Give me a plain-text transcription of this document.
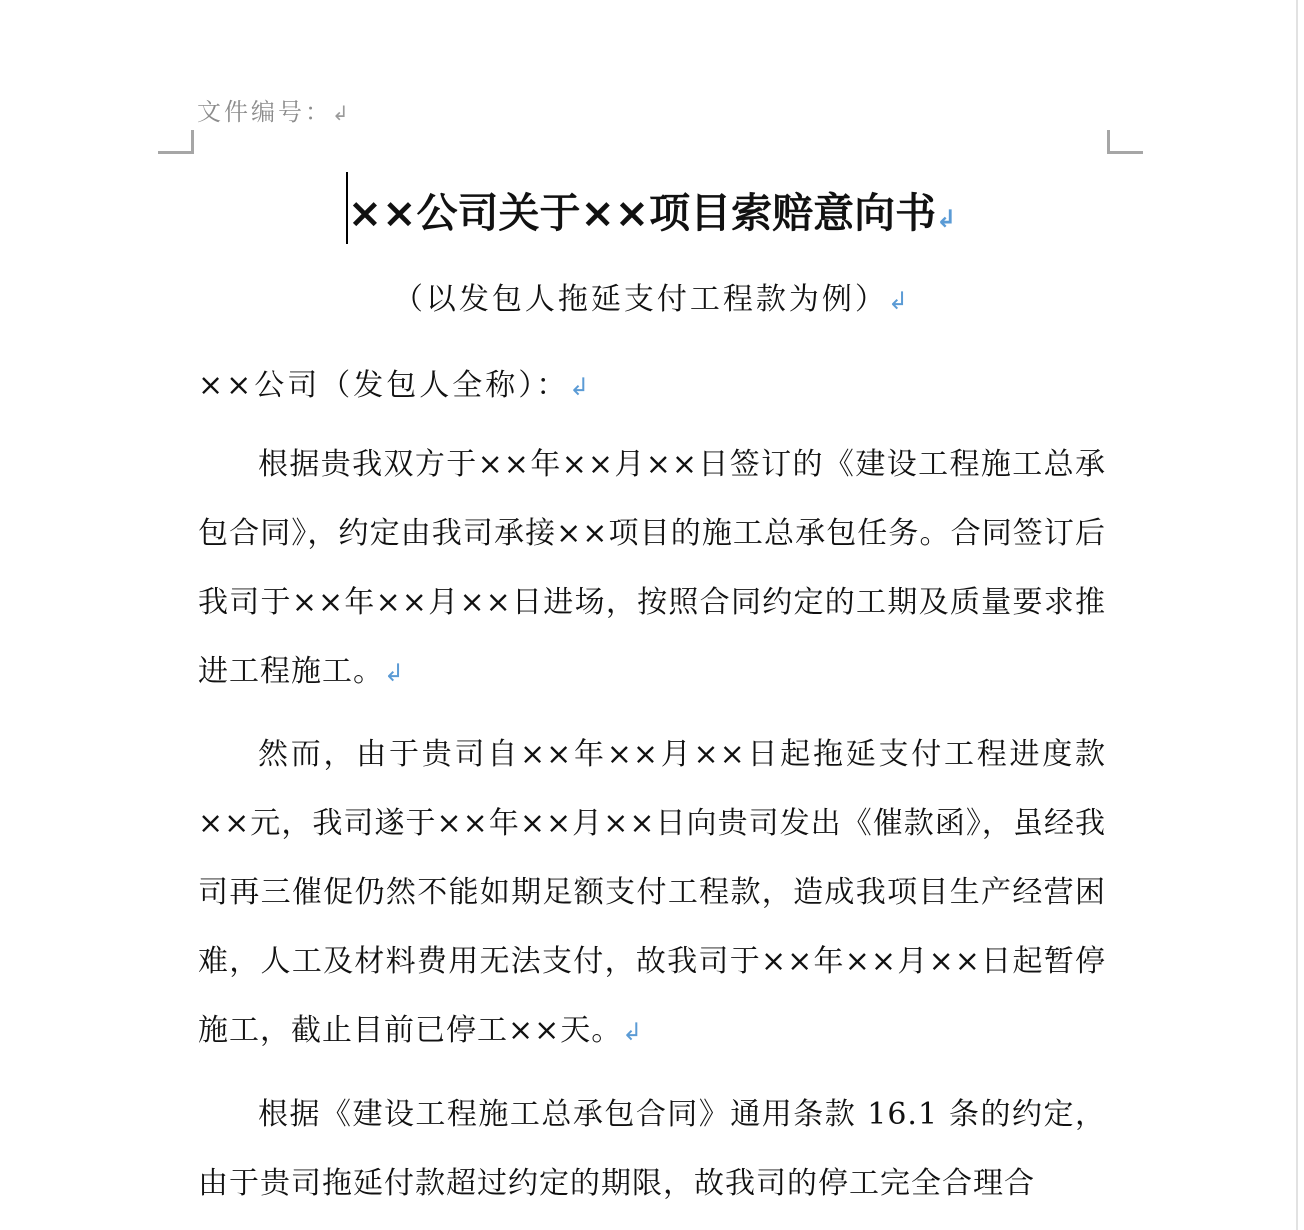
文件编号：↲
××公司关于××项目索赔意向书↲
（以发包人拖延支付工程款为例）↲
××公司（发包人全称）：↲
根据贵我双方于××年××月××日签订的《建设工程施工总承包合同》，约定由我司承接××项目的施工总承包任务。合同签订后我司于××年××月××日进场，按照合同约定的工期及质量要求推进工程施工。↲
然而，由于贵司自××年××月××日起拖延支付工程进度款××元，我司遂于××年××月××日向贵司发出《催款函》，虽经我司再三催促仍然不能如期足额支付工程款，造成我项目生产经营困难，人工及材料费用无法支付，故我司于××年××月××日起暂停施工，截止目前已停工××天。↲
根据《建设工程施工总承包合同》通用条款 16.1 条的约定，由于贵司拖延付款超过约定的期限，故我司的停工完全合理合
